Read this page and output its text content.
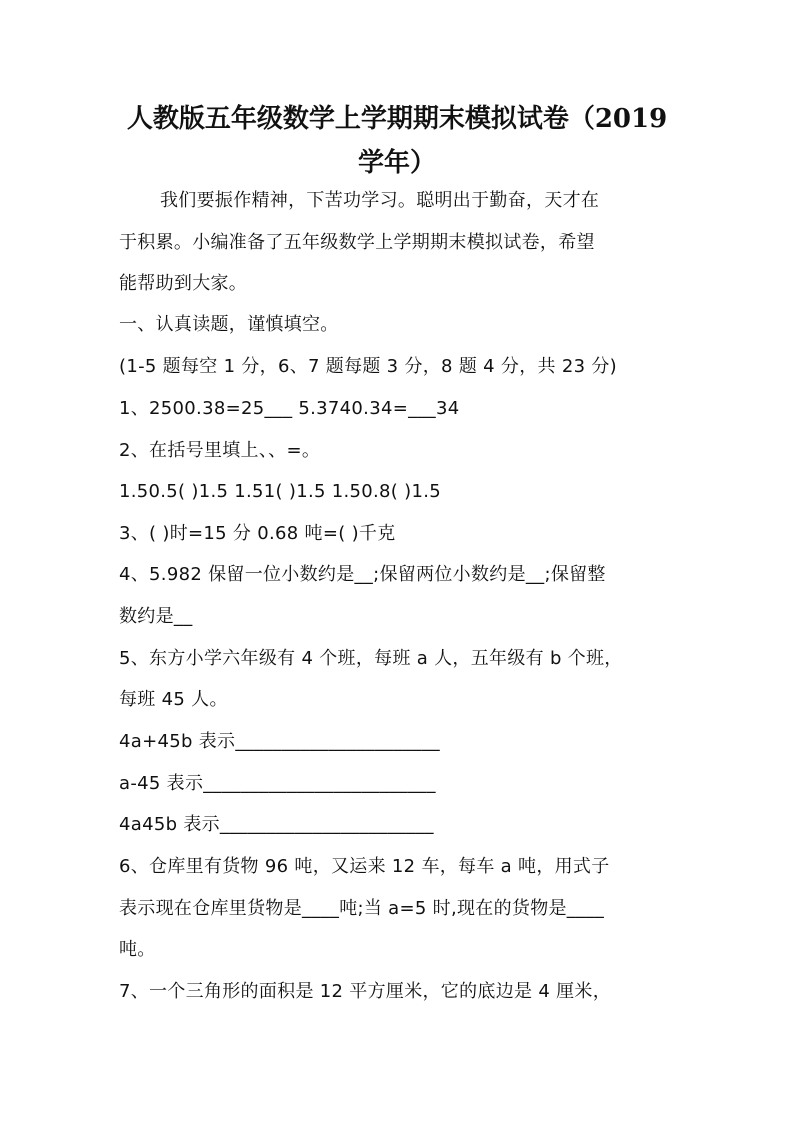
人教版五年级数学上学期期末模拟试卷（2019
学年）
我们要振作精神，下苦功学习。聪明出于勤奋，天才在
于积累。小编准备了五年级数学上学期期末模拟试卷，希望
能帮助到大家。
一、认真读题，谨慎填空。
(1-5 题每空 1 分，6、7 题每题 3 分，8 题 4 分，共 23 分)
1、2500.38=25___ 5.3740.34=___34
2、在括号里填上、、=。
1.50.5( )1.5 1.51( )1.5 1.50.8( )1.5
3、( )时=15 分 0.68 吨=( )千克
4、5.982 保留一位小数约是__;保留两位小数约是__;保留整
数约是__
5、东方小学六年级有 4 个班，每班 a 人，五年级有 b 个班，
每班 45 人。
4a+45b 表示______________________
a-45 表示_________________________
4a45b 表示_______________________
6、仓库里有货物 96 吨，又运来 12 车，每车 a 吨，用式子
表示现在仓库里货物是____吨;当 a=5 时,现在的货物是____
吨。
7、一个三角形的面积是 12 平方厘米，它的底边是 4 厘米，
